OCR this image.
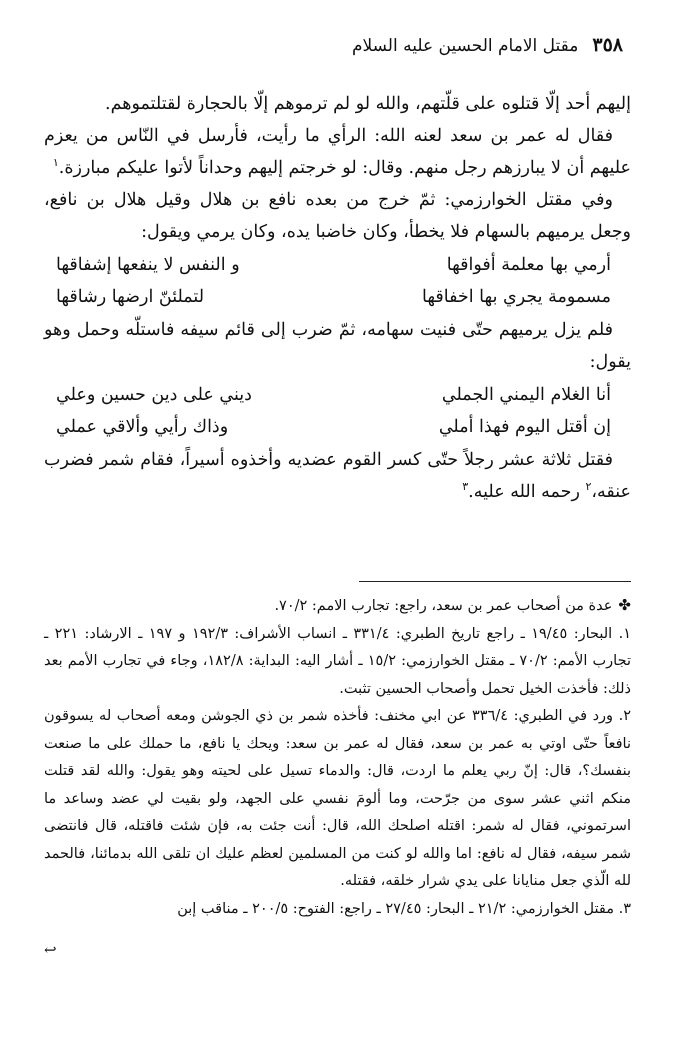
٣٥٨
مقتل الامام الحسين عليه السلام

إليهم أحد إلّا قتلوه على قلّتهم، والله لو لم ترموهم إلّا بالحجارة لقتلتموهم.

فقال له عمر بن سعد لعنه الله: الرأي ما رأيت، فأرسل في النّاس من يعزم عليهم أن لا يبارزهم رجل منهم. وقال: لو خرجتم إليهم وحداناً لأتوا عليكم مبارزة.$^١$

وفي مقتل الخوارزمي: ثمّ خرج من بعده نافع بن هلال وقيل هلال بن نافع، وجعل يرميهم بالسهام فلا يخطأ، وكان خاضبا يده، وكان يرمي ويقول:

أرمي بها معلمة أفواقها
و النفس لا ينفعها إشفاقها
مسمومة يجري بها اخفاقها
لتملئنّ ارضها رشاقها

فلم يزل يرميهم حتّى فنيت سهامه، ثمّ ضرب إلى قائم سيفه فاستلّه وحمل وهو يقول:

أنا الغلام اليمني الجملي
ديني على دين حسين وعلي
إن أقتل اليوم فهذا أملي
وذاك رأيي وألاقي عملي

فقتل ثلاثة عشر رجلاً حتّى كسر القوم عضديه وأخذوه أسيراً، فقام شمر فضرب عنقه،$^٢$ رحمه الله عليه.$^٣$

✤عدة من أصحاب عمر بن سعد، راجع: تجارب الامم: ٧٠/٢.

١. البحار: ١٩/٤٥ ـ راجع تاريخ الطبري: ٣٣١/٤ ـ انساب الأشراف: ١٩٢/٣ و ١٩٧ ـ الارشاد: ٢٢١ ـ تجارب الأمم: ٧٠/٢ ـ مقتل الخوارزمي: ١٥/٢ ـ أشار اليه: البداية: ١٨٢/٨، وجاء في تجارب الأمم بعد ذلك: فأخذت الخيل تحمل وأصحاب الحسين تثبت.

٢. ورد في الطبري: ٣٣٦/٤ عن ابي مخنف: فأخذه شمر بن ذي الجوشن ومعه أصحاب له يسوقون نافعاً حتّى اوتي به عمر بن سعد، فقال له عمر بن سعد: ويحك يا نافع، ما حملك على ما صنعت بنفسك؟، قال: إنّ ربي يعلم ما اردت، قال: والدماء تسيل على لحيته وهو يقول: والله لقد قتلت منكم اثني عشر سوى من جرّحت، وما ألومَ نفسي على الجهد، ولو بقيت لي عضد وساعد ما اسرتموني، فقال له شمر: اقتله اصلحك الله، قال: أنت جئت به، فإن شئت فاقتله، قال فانتضى شمر سيفه، فقال له نافع: اما والله لو كنت من المسلمين لعظم عليك ان تلقى الله بدمائنا، فالحمد لله الّذي جعل منايانا على يدي شرار خلقه، فقتله.

٣. مقتل الخوارزمي: ٢١/٢ ـ البحار: ٢٧/٤٥ ـ راجع: الفتوح: ٢٠٠/٥ ـ مناقب إبن

↩
